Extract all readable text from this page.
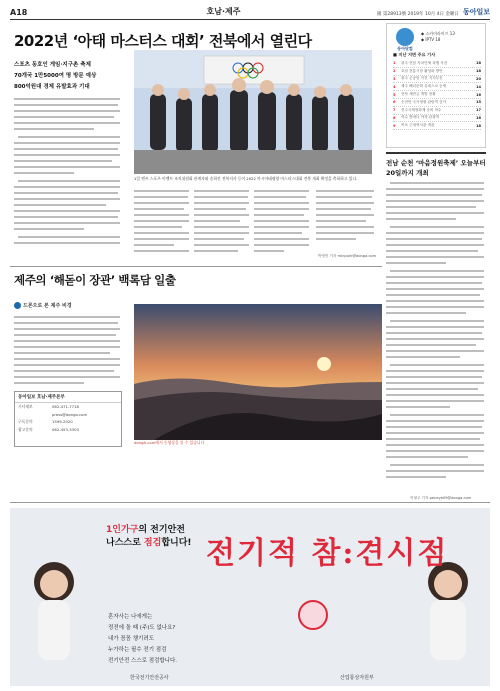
A18	호남·제주	國 第28913號 2019年 10月 4日 金曜日 동아일보
2022년 ‘아태 마스터스 대회’ 전북에서 열린다
스포츠 동호인 게임·지구촌 축제
70개국 1만5000여 명 방문 예상
800억원대 경제 유발효과 기대
1일 엔쓰 스포츠 이벤트 조직위원회 관계자와 송하진 전북지사 등이 2022 아시아태평양 마스터스대회 전북 개최 확정을 축하하고 있다.
박영민 기자 minpark@donga.com
동아닷컴
◆ 스카이라이프 13
◆ IPTV 18
■ 지난 지면 주요 기사
1	광주·전남 자치단체 폭행 사건	18
2	호남 전통시장 활성화 방안	18
3	광주 군공항 이전 지지부진	20
4	제주 해녀문화 유네스코 등재	14
5	전북 새만금 개발 현황	16
6	순천만 국가정원 관람객 증가	15
7	전주국제영화제 준비 착수	17
8	여수 밤바다 야경 관광객	16
9	목포 근대역사관 개관	18
전남 순천 ‘마음정원축제’ 오늘부터 20일까지 개최
이형주 기자 peneye09@donga.com
제주의 ‘해돋이 장관’ 백록담 일출
드론으로 본 제주 비경
동아일보 호남·제주본부
기사제보	062-471-7718
press@donga.com
구독문의	1599-2020
광고문의	062-453-3303
dongA.com에서 동영상을 볼 수 있습니다
1인가구의 전기안전
나스스로 점검합니다! 전기적 참:견시점
혼자사는 나에게는
정전에 돌 때 (주)도 없나요?
내가 꼼꼼 챙기려도
누가하는 필수 전기 점검
전기안전 스스로 점검합니다.
한국전기안전공사	산업통상자원부
